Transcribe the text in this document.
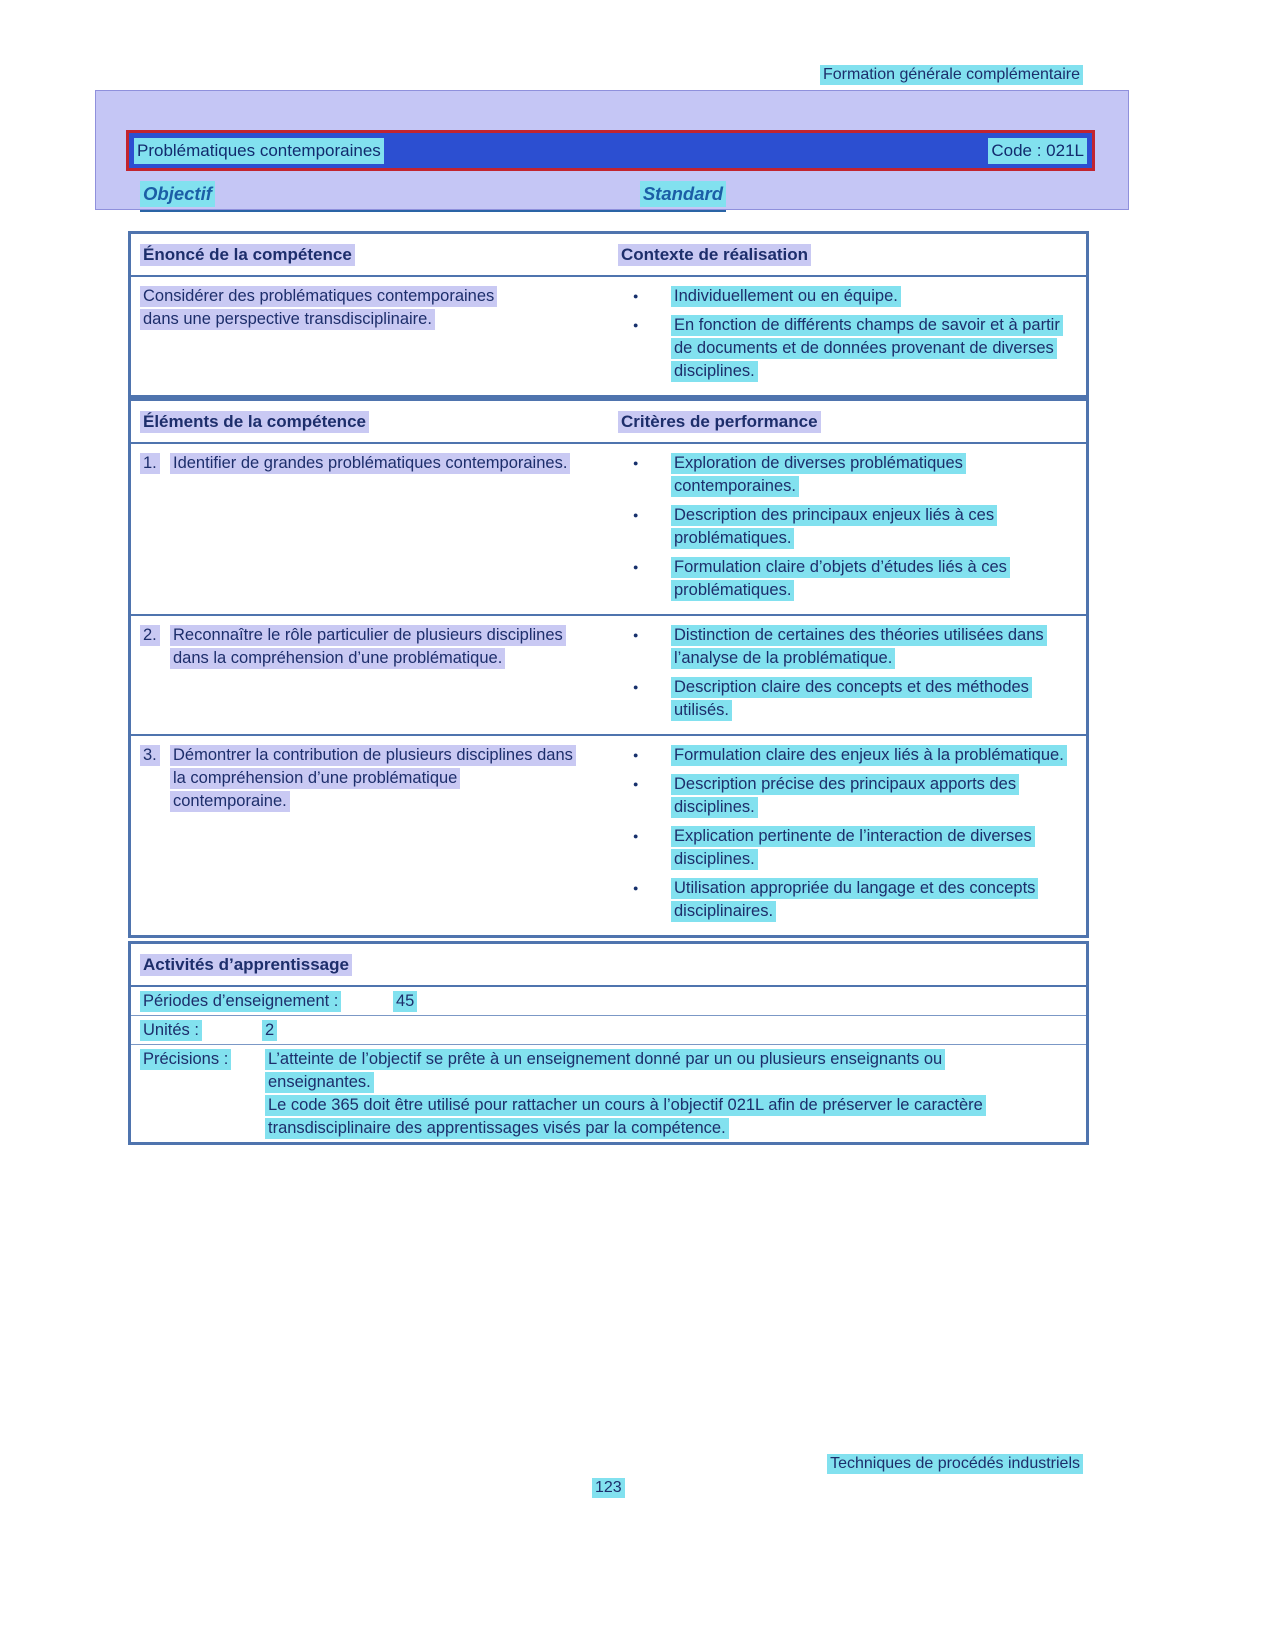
Formation générale complémentaire
Problématiques contemporaines	Code : 021L
Objectif	Standard
Énoncé de la compétence	Contexte de réalisation
Considérer des problématiques contemporaines dans une perspective transdisciplinaire.
●	Individuellement ou en équipe.
●	En fonction de différents champs de savoir et à partir de documents et de données provenant de diverses disciplines.
Éléments de la compétence	Critères de performance
1. Identifier de grandes problématiques contemporaines.	●	Exploration de diverses problématiques contemporaines.
●	Description des principaux enjeux liés à ces problématiques.
●	Formulation claire d’objets d’études liés à ces problématiques.
2. Reconnaître le rôle particulier de plusieurs disciplines dans la compréhension d’une problématique.
●	Distinction de certaines des théories utilisées dans l’analyse de la problématique.
●	Description claire des concepts et des méthodes utilisés.
3. Démontrer la contribution de plusieurs disciplines dans la compréhension d’une problématique contemporaine.
●	Formulation claire des enjeux liés à la problématique.
●	Description précise des principaux apports des disciplines.
●	Explication pertinente de l’interaction de diverses disciplines.
●	Utilisation appropriée du langage et des concepts disciplinaires.
Activités d’apprentissage
Périodes d’enseignement :	45
Unités :	2
Précisions :	L’atteinte de l’objectif se prête à un enseignement donné par un ou plusieurs enseignants ou enseignantes.
Le code 365 doit être utilisé pour rattacher un cours à l’objectif 021L afin de préserver le caractère transdisciplinaire des apprentissages visés par la compétence.
Techniques de procédés industriels
123
